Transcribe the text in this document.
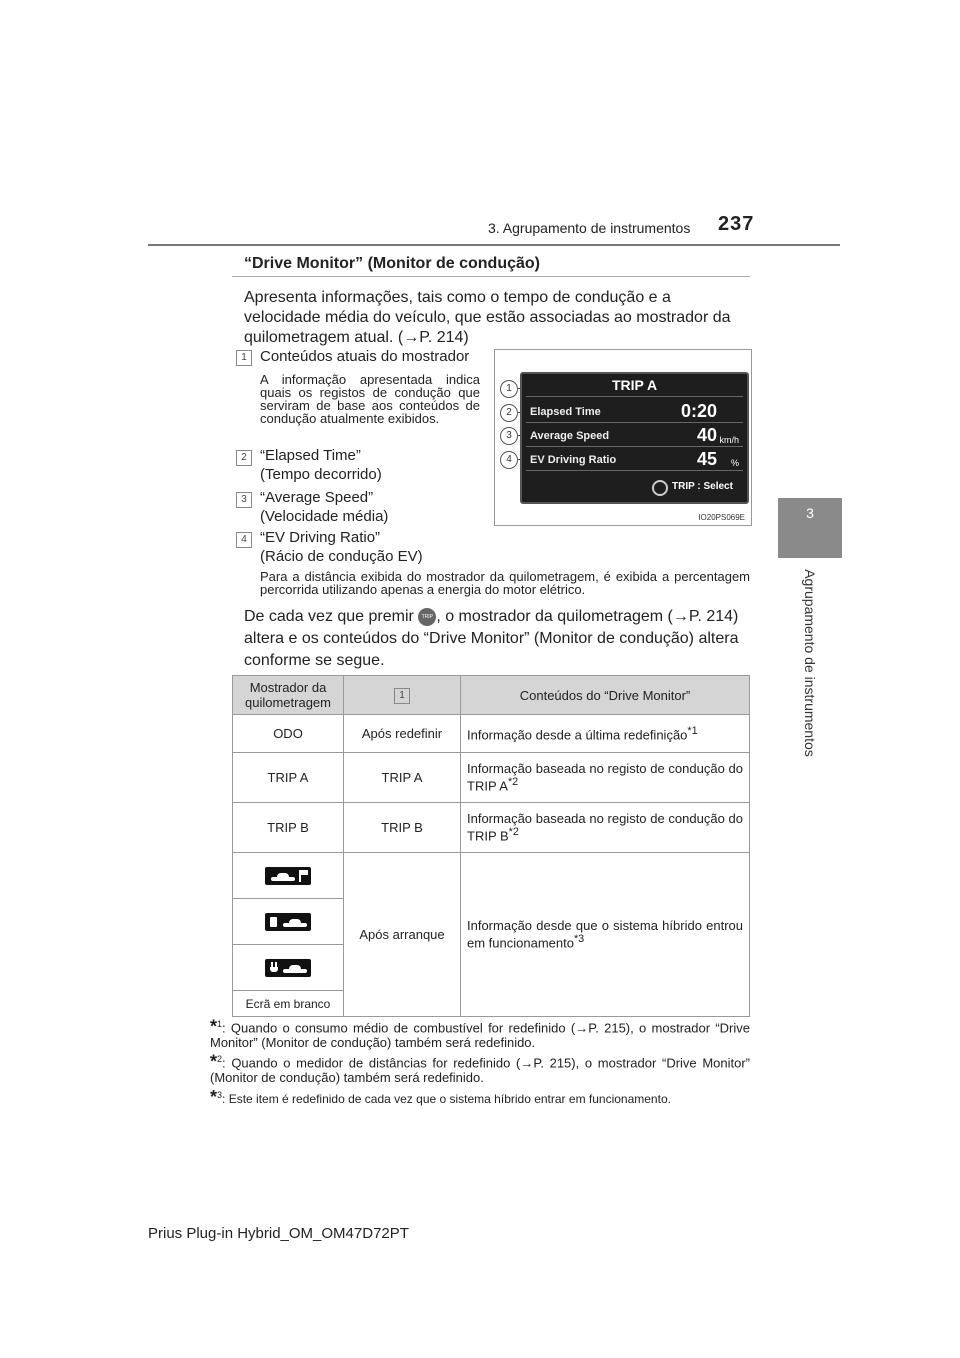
3. Agrupamento de instrumentos 237
3
Agrupamento de instrumentos
“Drive Monitor” (Monitor de condução)
Apresenta informações, tais como o tempo de condução e a velocidade média do veículo, que estão associadas ao mostrador da quilometragem atual. (→P. 214)
1 Conteúdos atuais do mostrador
A informação apresentada indica quais os registos de condução que serviram de base aos conteúdos de condução atualmente exibidos.
2 “Elapsed Time”
(Tempo decorrido)
3 “Average Speed”
(Velocidade média)
4 “EV Driving Ratio”
(Rácio de condução EV)
Para a distância exibida do mostrador da quilometragem, é exibida a percentagem percorrida utilizando apenas a energia do motor elétrico.
1
2
3
4
TRIP A
Elapsed Time	0:20
Average Speed	40 km/h
EV Driving Ratio	45 %
TRIP : Select
IO20PS069E
De cada vez que premir TRIP , o mostrador da quilometragem (→P. 214) altera e os conteúdos do “Drive Monitor” (Monitor de condução) altera conforme se segue.
Mostrador da quilometragem	1	Conteúdos do “Drive Monitor”
ODO	Após redefinir	Informação desde a última redefinição$^{*1}$
TRIP A	TRIP A	Informação baseada no registo de condução do TRIP $A^{*2}$
TRIP B	TRIP B	Informação baseada no registo de condução do TRIP $B^{*2}$

	Após arranque	Informação desde que o sistema híbrido entrou em funcionamento$^{*3}$

Ecrã em branco		
*$^1$: Quando o consumo médio de combustível for redefinido (→P. 215), o mostrador “Drive Monitor” (Monitor de condução) também será redefinido.
*$^2$: Quando o medidor de distâncias for redefinido (→P. 215), o mostrador “Drive Monitor” (Monitor de condução) também será redefinido.
*$^3$: Este item é redefinido de cada vez que o sistema híbrido entrar em funcionamento.
Prius Plug-in Hybrid_OM_OM47D72PT
